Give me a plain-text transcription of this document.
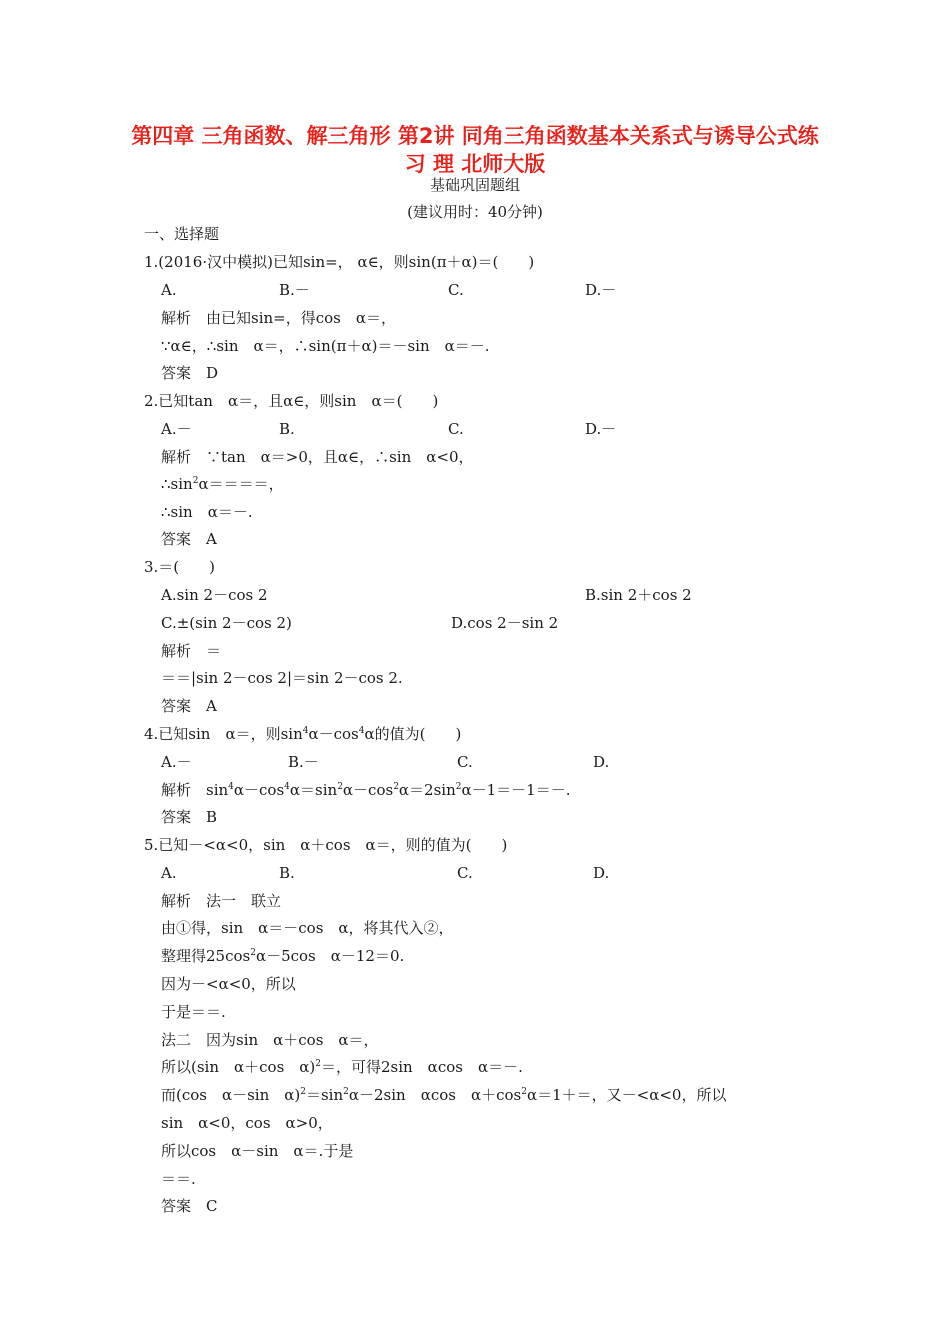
第四章 三角函数、解三角形 第2讲 同角三角函数基本关系式与诱导公式练习 理 北师大版
基础巩固题组
(建议用时：40分钟)
一、选择题
1.(2016·汉中模拟)已知sin=， α∈，则sin(π＋α)＝(　　)
A.	B.－	C.	D.－
解析　由已知sin=，得cos　α＝，
∵α∈，∴sin　α＝，∴sin(π＋α)＝－sin　α＝－.
答案　D
2.已知tan　α＝，且α∈，则sin　α＝(　　)
A.－	B.	C.	D.－
解析　∵tan　α＝>0，且α∈，∴sin　α<0，
$\therefore\sin^2\alpha====$，
∴sin　α＝－.
答案　A
3.＝(　　)
A.sin 2－cos 2	B.sin 2＋cos 2
C.±(sin 2－cos 2)	D.cos 2－sin 2
解析　＝
＝＝|sin 2－cos 2|＝sin 2－cos 2.
答案　A
4.已知sin　α＝，则$\sin^4\alpha-\cos^4\alpha$的值为(　　)
A.－	B.－	C.	D.
解析　$\sin^4\alpha-\cos^4\alpha=\sin^2\alpha-\cos^2\alpha=2\sin^2\alpha-1=-1=-$.
答案　B
5.已知－<α<0，sin　α＋cos　α＝，则的值为(　　)
A.	B.	C.	D.
解析　法一　联立
由①得，sin　α＝－cos　α，将其代入②，
整理得$25\cos^2\alpha-5\cos$　α－12＝0.
因为－<α<0，所以
于是＝＝.
法二　因为sin　α＋cos　α＝，
所以(sin　α＋cos　α)$^2$＝，可得2sin　αcos　α＝－.
而(cos　α－sin　$\alpha)^2=\sin^2\alpha-2\sin$　αcos　$\alpha+\cos^2\alpha=1+=$，又－<α<0，所以
sin　α<0，cos　α>0，
所以cos　α－sin　α＝.于是
＝＝.
答案　C
